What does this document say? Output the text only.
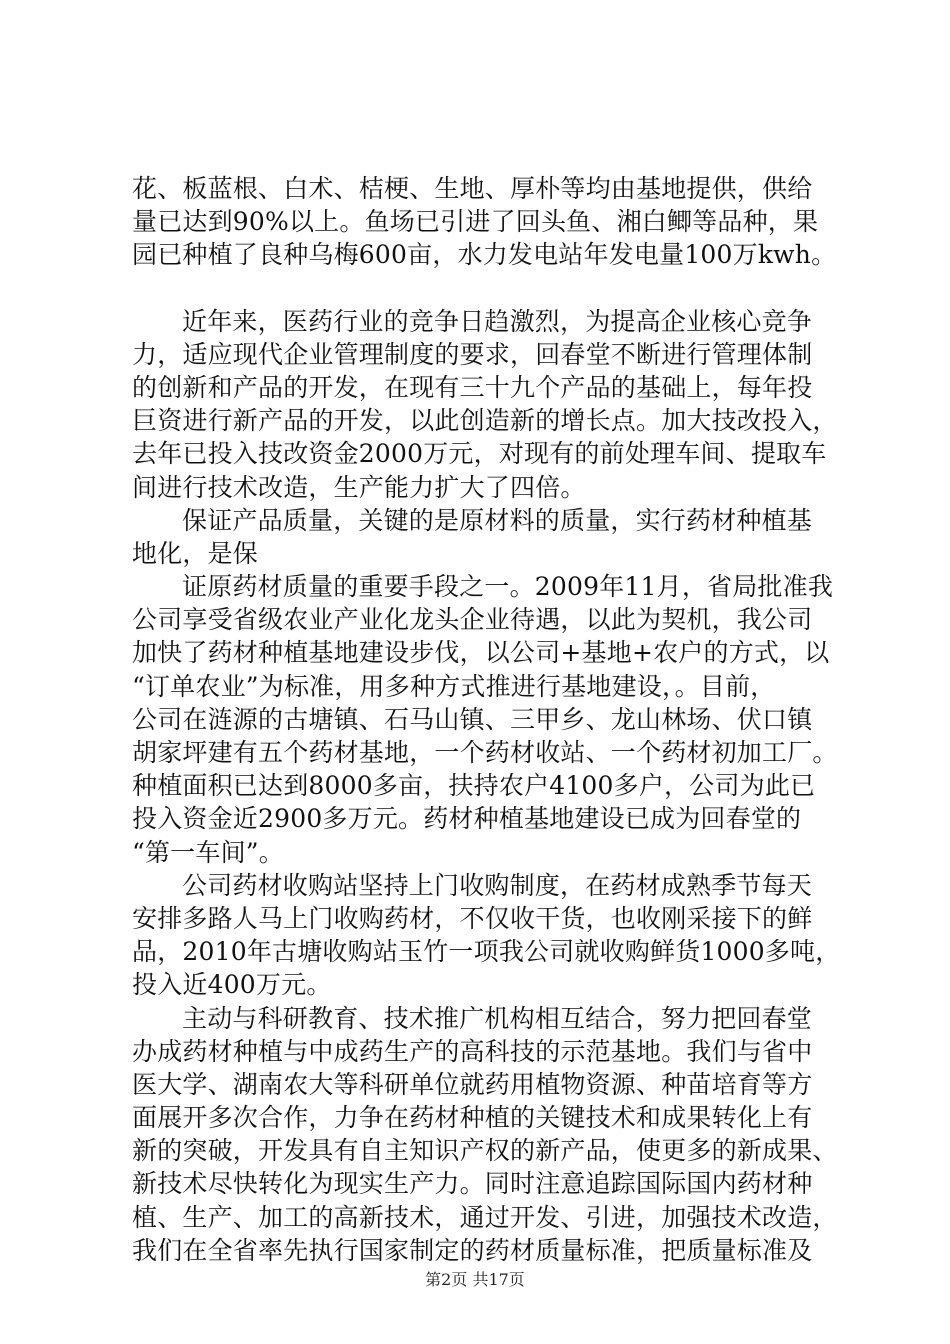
花、板蓝根、白术、桔梗、生地、厚朴等均由基地提供，供给
量已达到90%以上。鱼场已引进了回头鱼、湘白鲫等品种，果
园已种植了良种乌梅600亩，水力发电站年发电量100万kwh。
近年来，医药行业的竞争日趋激烈，为提高企业核心竞争
力，适应现代企业管理制度的要求，回春堂不断进行管理体制
的创新和产品的开发，在现有三十九个产品的基础上，每年投
巨资进行新产品的开发，以此创造新的增长点。加大技改投入，
去年已投入技改资金2000万元，对现有的前处理车间、提取车
间进行技术改造，生产能力扩大了四倍。
保证产品质量，关键的是原材料的质量，实行药材种植基
地化，是保
证原药材质量的重要手段之一。2009年11月，省局批准我
公司享受省级农业产业化龙头企业待遇，以此为契机，我公司
加快了药材种植基地建设步伐，以公司+基地+农户的方式，以
“订单农业”为标准，用多种方式推进行基地建设，。目前，
公司在涟源的古塘镇、石马山镇、三甲乡、龙山林场、伏口镇
胡家坪建有五个药材基地，一个药材收站、一个药材初加工厂。
种植面积已达到8000多亩，扶持农户4100多户，公司为此已
投入资金近2900多万元。药材种植基地建设已成为回春堂的
“第一车间”。
公司药材收购站坚持上门收购制度，在药材成熟季节每天
安排多路人马上门收购药材，不仅收干货，也收刚采接下的鲜
品，2010年古塘收购站玉竹一项我公司就收购鲜货1000多吨，
投入近400万元。
主动与科研教育、技术推广机构相互结合，努力把回春堂
办成药材种植与中成药生产的高科技的示范基地。我们与省中
医大学、湖南农大等科研单位就药用植物资源、种苗培育等方
面展开多次合作，力争在药材种植的关键技术和成果转化上有
新的突破，开发具有自主知识产权的新产品，使更多的新成果、
新技术尽快转化为现实生产力。同时注意追踪国际国内药材种
植、生产、加工的高新技术，通过开发、引进，加强技术改造，
我们在全省率先执行国家制定的药材质量标准，把质量标准及
第2页 共17页
